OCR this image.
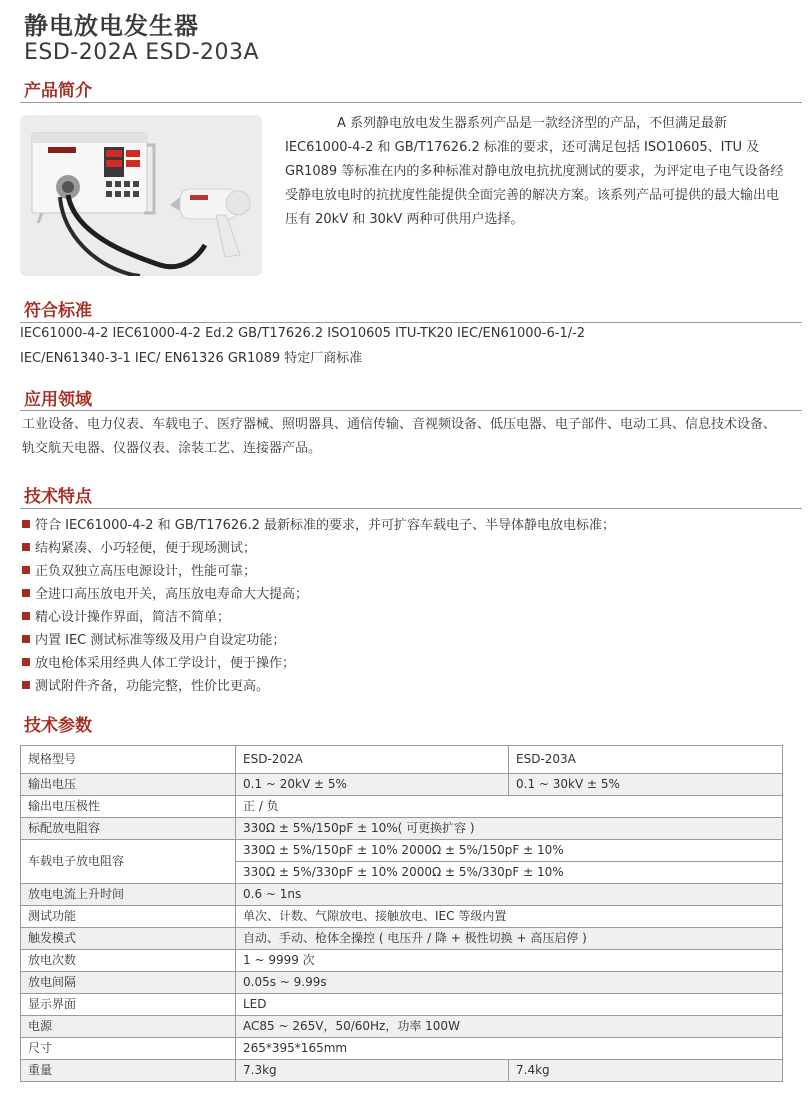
静电放电发生器
ESD-202A ESD-203A
产品简介
A 系列静电放电发生器系列产品是一款经济型的产品，不但满足最新IEC61000-4-2 和 GB/T17626.2 标准的要求，还可满足包括 ISO10605、ITU 及 GR1089 等标准在内的多种标准对静电放电抗扰度测试的要求，为评定电子电气设备经受静电放电时的抗扰度性能提供全面完善的解决方案。该系列产品可提供的最大输出电压有 20kV 和 30kV 两种可供用户选择。
符合标准
IEC61000-4-2 IEC61000-4-2 Ed.2 GB/T17626.2 ISO10605 ITU-TK20 IEC/EN61000-6-1/-2
IEC/EN61340-3-1 IEC/ EN61326 GR1089 特定厂商标准
应用领域
工业设备、电力仪表、车载电子、医疗器械、照明器具、通信传输、音视频设备、低压电器、电子部件、电动工具、信息技术设备、轨交航天电器、仪器仪表、涂装工艺、连接器产品。
技术特点
符合 IEC61000-4-2 和 GB/T17626.2 最新标准的要求，并可扩容车载电子、半导体静电放电标准；
结构紧凑、小巧轻便，便于现场测试；
正负双独立高压电源设计，性能可靠；
全进口高压放电开关，高压放电寿命大大提高；
精心设计操作界面，简洁不简单；
内置 IEC 测试标准等级及用户自设定功能；
放电枪体采用经典人体工学设计，便于操作；
测试附件齐备，功能完整，性价比更高。
技术参数
规格型号	ESD-202A	ESD-203A
输出电压	0.1 ~ 20kV ± 5%	0.1 ~ 30kV ± 5%
输出电压极性	正 / 负	
标配放电阻容	330Ω ± 5%/150pF ± 10%( 可更换扩容 )	
车载电子放电阻容	330Ω ± 5%/150pF ± 10% 2000Ω ± 5%/150pF ± 10%	
	330Ω ± 5%/330pF ± 10% 2000Ω ± 5%/330pF ± 10%	
放电电流上升时间	0.6 ~ 1ns	
测试功能	单次、计数、气隙放电、接触放电、IEC 等级内置	
触发模式	自动、手动、枪体全操控 ( 电压升 / 降 + 极性切换 + 高压启停 )	
放电次数	1 ~ 9999 次	
放电间隔	0.05s ~ 9.99s	
显示界面	LED	
电源	AC85 ~ 265V，50/60Hz，功率 100W	
尺寸	265*395*165mm	
重量	7.3kg	7.4kg
